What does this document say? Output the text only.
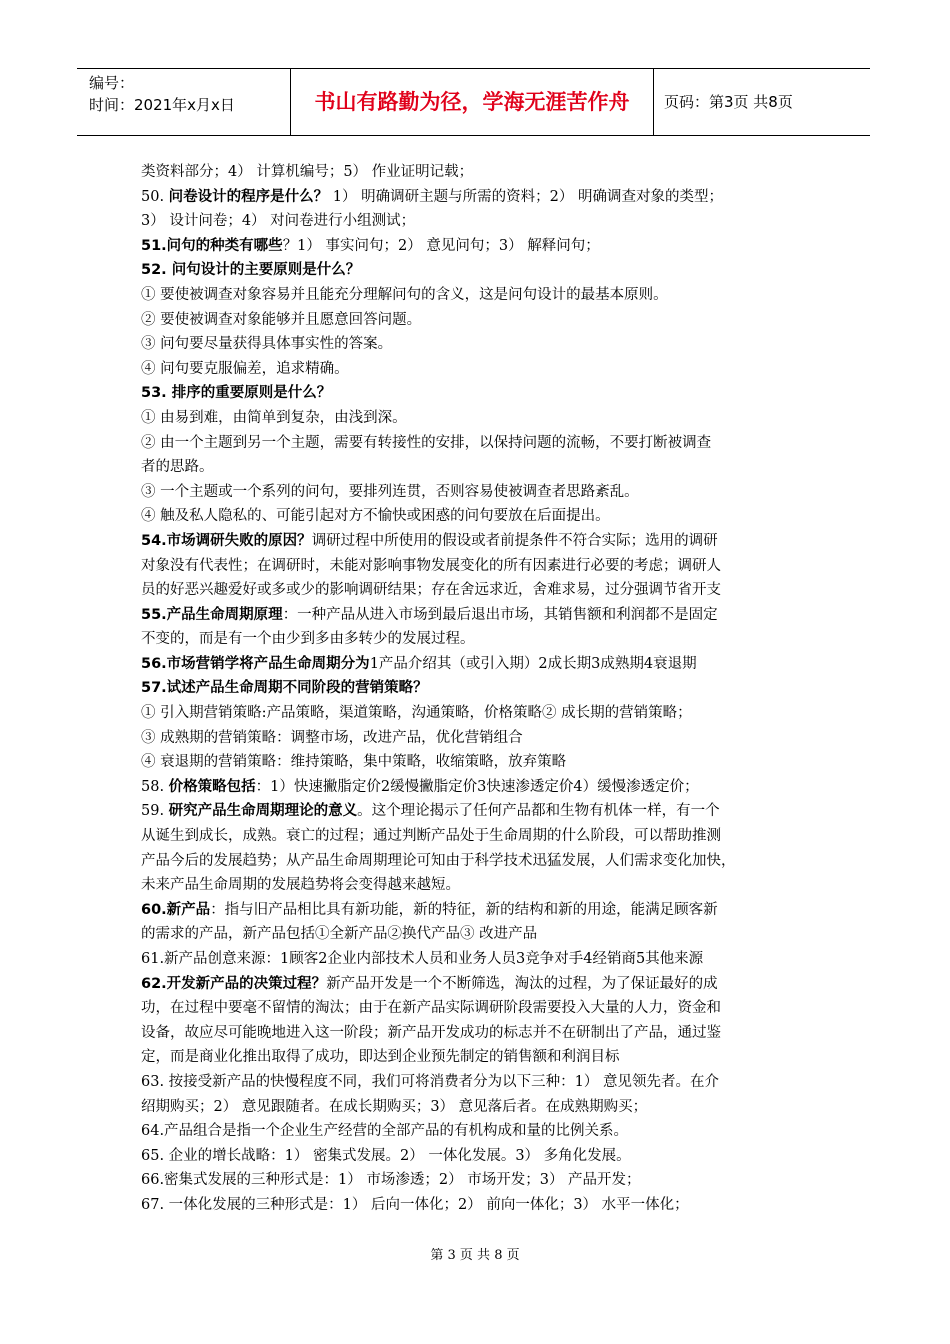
编号：
时间：2021年x月x日	书山有路勤为径，学海无涯苦作舟	页码：第3页 共8页
类资料部分；4） 计算机编号；5） 作业证明记载；
50. 问卷设计的程序是什么？ 1） 明确调研主题与所需的资料；2） 明确调查对象的类型；
3） 设计问卷；4） 对问卷进行小组测试；
51.问句的种类有哪些？1） 事实问句；2） 意见问句；3） 解释问句；
52. 问句设计的主要原则是什么？
① 要使被调查对象容易并且能充分理解问句的含义，这是问句设计的最基本原则。
② 要使被调查对象能够并且愿意回答问题。
③ 问句要尽量获得具体事实性的答案。
④ 问句要克服偏差，追求精确。
53. 排序的重要原则是什么？
① 由易到难，由简单到复杂，由浅到深。
② 由一个主题到另一个主题，需要有转接性的安排，以保持问题的流畅，不要打断被调查
者的思路。
③ 一个主题或一个系列的问句，要排列连贯，否则容易使被调查者思路紊乱。
④ 触及私人隐私的、可能引起对方不愉快或困惑的问句要放在后面提出。
54.市场调研失败的原因？调研过程中所使用的假设或者前提条件不符合实际；选用的调研
对象没有代表性；在调研时，未能对影响事物发展变化的所有因素进行必要的考虑；调研人
员的好恶兴趣爱好或多或少的影响调研结果；存在舍远求近，舍难求易，过分强调节省开支
55.产品生命周期原理：一种产品从进入市场到最后退出市场，其销售额和利润都不是固定
不变的，而是有一个由少到多由多转少的发展过程。
56.市场营销学将产品生命周期分为1产品介绍其（或引入期）2成长期3成熟期4衰退期
57.试述产品生命周期不同阶段的营销策略？
① 引入期营销策略:产品策略，渠道策略，沟通策略，价格策略② 成长期的营销策略；
③ 成熟期的营销策略：调整市场，改进产品，优化营销组合
④ 衰退期的营销策略：维持策略，集中策略，收缩策略，放弃策略
58. 价格策略包括：1）快速撇脂定价2缓慢撇脂定价3快速渗透定价4）缓慢渗透定价；
59. 研究产品生命周期理论的意义。这个理论揭示了任何产品都和生物有机体一样，有一个
从诞生到成长，成熟。衰亡的过程；通过判断产品处于生命周期的什么阶段，可以帮助推测
产品今后的发展趋势；从产品生命周期理论可知由于科学技术迅猛发展，人们需求变化加快，
未来产品生命周期的发展趋势将会变得越来越短。
60.新产品：指与旧产品相比具有新功能，新的特征，新的结构和新的用途，能满足顾客新
的需求的产品，新产品包括①全新产品②换代产品③ 改进产品
61.新产品创意来源：1顾客2企业内部技术人员和业务人员3竞争对手4经销商5其他来源
62.开发新产品的决策过程？新产品开发是一个不断筛选，淘汰的过程，为了保证最好的成
功，在过程中要毫不留情的淘汰；由于在新产品实际调研阶段需要投入大量的人力，资金和
设备，故应尽可能晚地进入这一阶段；新产品开发成功的标志并不在研制出了产品，通过鉴
定，而是商业化推出取得了成功，即达到企业预先制定的销售额和利润目标
63. 按接受新产品的快慢程度不同，我们可将消费者分为以下三种：1） 意见领先者。在介
绍期购买；2） 意见跟随者。在成长期购买；3） 意见落后者。在成熟期购买；
64.产品组合是指一个企业生产经营的全部产品的有机构成和量的比例关系。
65. 企业的增长战略：1） 密集式发展。2） 一体化发展。3） 多角化发展。
66.密集式发展的三种形式是：1） 市场渗透；2） 市场开发；3） 产品开发；
67. 一体化发展的三种形式是：1） 后向一体化；2） 前向一体化；3） 水平一体化；
第 3 页 共 8 页
